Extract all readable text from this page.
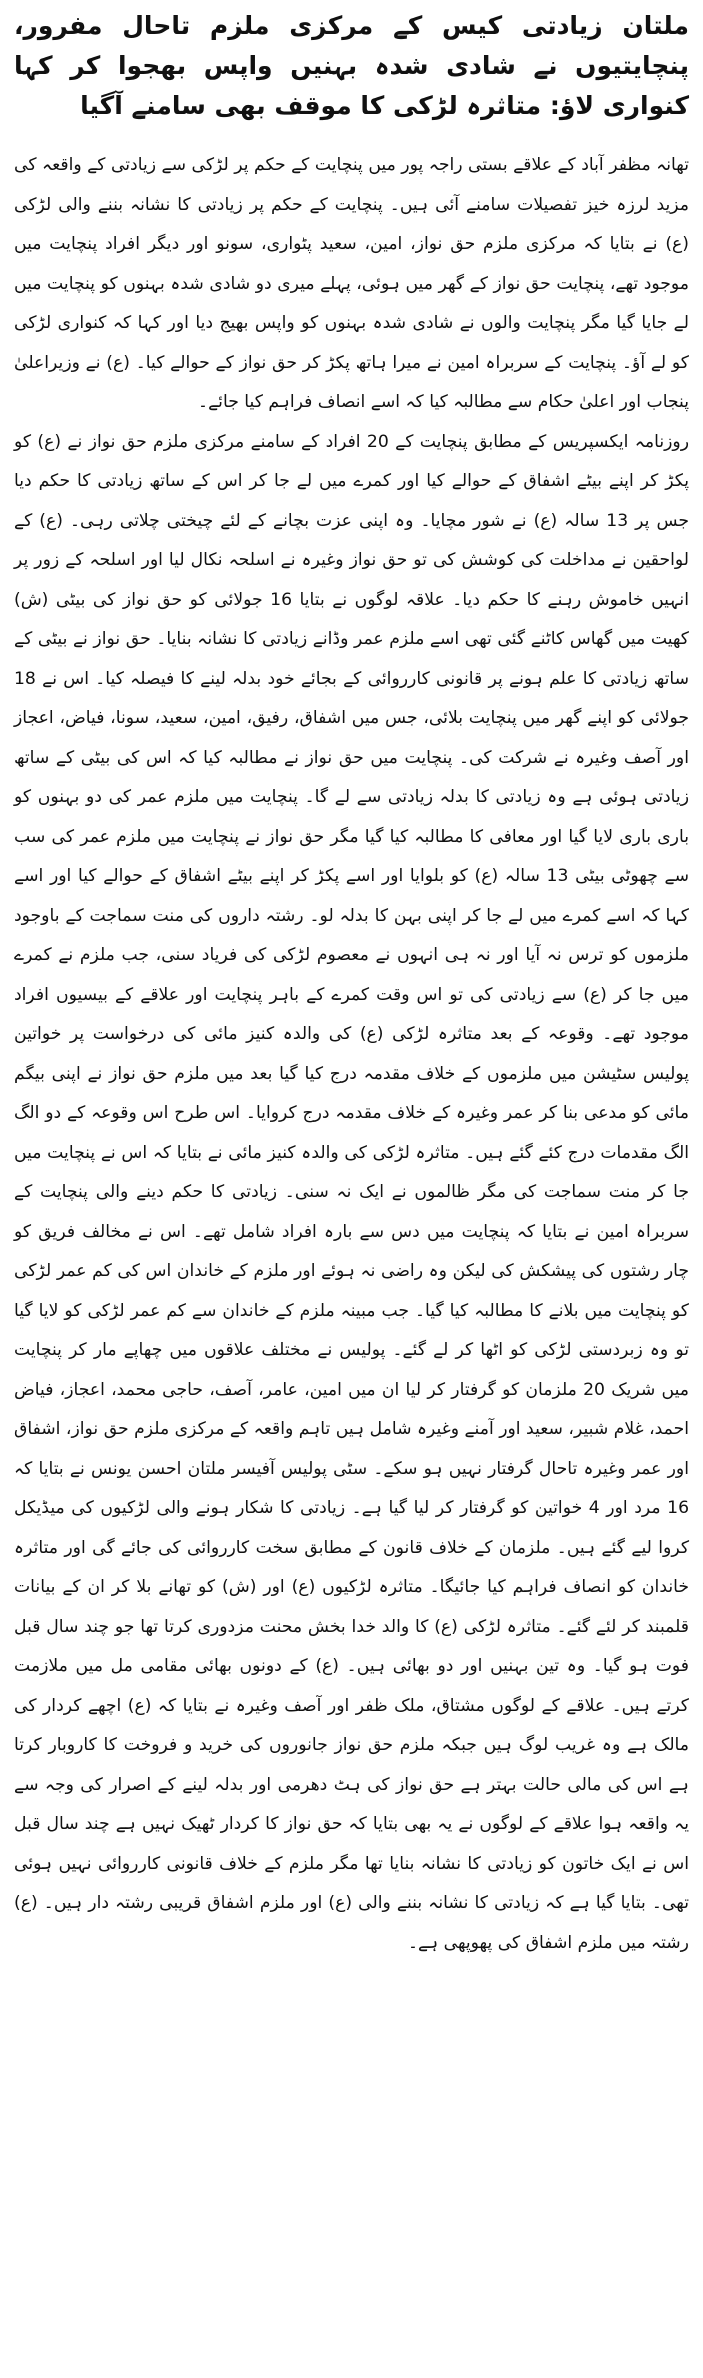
ملتان زیادتی کیس کے مرکزی ملزم تاحال مفرور، پنچایتیوں نے شادی شدہ بہنیں واپس بھجوا کر کہا کنواری لاؤ: متاثرہ لڑکی کا موقف بھی سامنے آگیا

تھانہ مظفر آباد کے علاقے بستی راجہ پور میں پنچایت کے حکم پر لڑکی سے زیادتی کے واقعہ کی مزید لرزہ خیز تفصیلات سامنے آئی ہیں۔ پنچایت کے حکم پر زیادتی کا نشانہ بننے والی لڑکی (ع) نے بتایا کہ مرکزی ملزم حق نواز، امین، سعید پٹواری، سونو اور دیگر افراد پنچایت میں موجود تھے، پنچایت حق نواز کے گھر میں ہوئی، پہلے میری دو شادی شدہ بہنوں کو پنچایت میں لے جایا گیا مگر پنچایت والوں نے شادی شدہ بہنوں کو واپس بھیج دیا اور کہا کہ کنواری لڑکی کو لے آؤ۔ پنچایت کے سربراہ امین نے میرا ہاتھ پکڑ کر حق نواز کے حوالے کیا۔ (ع) نے وزیراعلیٰ پنجاب اور اعلیٰ حکام سے مطالبہ کیا کہ اسے انصاف فراہم کیا جائے۔

روزنامہ ایکسپریس کے مطابق پنچایت کے 20 افراد کے سامنے مرکزی ملزم حق نواز نے (ع) کو پکڑ کر اپنے بیٹے اشفاق کے حوالے کیا اور کمرے میں لے جا کر اس کے ساتھ زیادتی کا حکم دیا جس پر 13 سالہ (ع) نے شور مچایا۔ وہ اپنی عزت بچانے کے لئے چیختی چلاتی رہی۔ (ع) کے لواحقین نے مداخلت کی کوشش کی تو حق نواز وغیرہ نے اسلحہ نکال لیا اور اسلحہ کے زور پر انہیں خاموش رہنے کا حکم دیا۔ علاقہ لوگوں نے بتایا 16 جولائی کو حق نواز کی بیٹی (ش) کھیت میں گھاس کاٹنے گئی تھی اسے ملزم عمر وڈانے زیادتی کا نشانہ بنایا۔ حق نواز نے بیٹی کے ساتھ زیادتی کا علم ہونے پر قانونی کارروائی کے بجائے خود بدلہ لینے کا فیصلہ کیا۔ اس نے 18 جولائی کو اپنے گھر میں پنچایت بلائی، جس میں اشفاق، رفیق، امین، سعید، سونا، فیاض، اعجاز اور آصف وغیرہ نے شرکت کی۔ پنچایت میں حق نواز نے مطالبہ کیا کہ اس کی بیٹی کے ساتھ زیادتی ہوئی ہے وہ زیادتی کا بدلہ زیادتی سے لے گا۔ پنچایت میں ملزم عمر کی دو بہنوں کو باری باری لایا گیا اور معافی کا مطالبہ کیا گیا مگر حق نواز نے پنچایت میں ملزم عمر کی سب سے چھوٹی بیٹی 13 سالہ (ع) کو بلوایا اور اسے پکڑ کر اپنے بیٹے اشفاق کے حوالے کیا اور اسے کہا کہ اسے کمرے میں لے جا کر اپنی بہن کا بدلہ لو۔ رشتہ داروں کی منت سماجت کے باوجود ملزموں کو ترس نہ آیا اور نہ ہی انہوں نے معصوم لڑکی کی فریاد سنی، جب ملزم نے کمرے میں جا کر (ع) سے زیادتی کی تو اس وقت کمرے کے باہر پنچایت اور علاقے کے بیسیوں افراد موجود تھے۔ وقوعہ کے بعد متاثرہ لڑکی (ع) کی والدہ کنیز مائی کی درخواست پر خواتین پولیس سٹیشن میں ملزموں کے خلاف مقدمہ درج کیا گیا بعد میں ملزم حق نواز نے اپنی بیگم مائی کو مدعی بنا کر عمر وغیرہ کے خلاف مقدمہ درج کروایا۔ اس طرح اس وقوعہ کے دو الگ الگ مقدمات درج کئے گئے ہیں۔ متاثرہ لڑکی کی والدہ کنیز مائی نے بتایا کہ اس نے پنچایت میں جا کر منت سماجت کی مگر ظالموں نے ایک نہ سنی۔ زیادتی کا حکم دینے والی پنچایت کے سربراہ امین نے بتایا کہ پنچایت میں دس سے بارہ افراد شامل تھے۔ اس نے مخالف فریق کو چار رشتوں کی پیشکش کی لیکن وہ راضی نہ ہوئے اور ملزم کے خاندان اس کی کم عمر لڑکی کو پنچایت میں بلانے کا مطالبہ کیا گیا۔ جب مبینہ ملزم کے خاندان سے کم عمر لڑکی کو لایا گیا تو وہ زبردستی لڑکی کو اٹھا کر لے گئے۔ پولیس نے مختلف علاقوں میں چھاپے مار کر پنچایت میں شریک 20 ملزمان کو گرفتار کر لیا ان میں امین، عامر، آصف، حاجی محمد، اعجاز، فیاض احمد، غلام شبیر، سعید اور آمنے وغیرہ شامل ہیں تاہم واقعہ کے مرکزی ملزم حق نواز، اشفاق اور عمر وغیرہ تاحال گرفتار نہیں ہو سکے۔ سٹی پولیس آفیسر ملتان احسن یونس نے بتایا کہ 16 مرد اور 4 خواتین کو گرفتار کر لیا گیا ہے۔ زیادتی کا شکار ہونے والی لڑکیوں کی میڈیکل کروا لیے گئے ہیں۔ ملزمان کے خلاف قانون کے مطابق سخت کارروائی کی جائے گی اور متاثرہ خاندان کو انصاف فراہم کیا جائیگا۔ متاثرہ لڑکیوں (ع) اور (ش) کو تھانے بلا کر ان کے بیانات قلمبند کر لئے گئے۔ متاثرہ لڑکی (ع) کا والد خدا بخش محنت مزدوری کرتا تھا جو چند سال قبل فوت ہو گیا۔ وہ تین بہنیں اور دو بھائی ہیں۔ (ع) کے دونوں بھائی مقامی مل میں ملازمت کرتے ہیں۔ علاقے کے لوگوں مشتاق، ملک ظفر اور آصف وغیرہ نے بتایا کہ (ع) اچھے کردار کی مالک ہے وہ غریب لوگ ہیں جبکہ ملزم حق نواز جانوروں کی خرید و فروخت کا کاروبار کرتا ہے اس کی مالی حالت بہتر ہے حق نواز کی ہٹ دھرمی اور بدلہ لینے کے اصرار کی وجہ سے یہ واقعہ ہوا علاقے کے لوگوں نے یہ بھی بتایا کہ حق نواز کا کردار ٹھیک نہیں ہے چند سال قبل اس نے ایک خاتون کو زیادتی کا نشانہ بنایا تھا مگر ملزم کے خلاف قانونی کارروائی نہیں ہوئی تھی۔ بتایا گیا ہے کہ زیادتی کا نشانہ بننے والی (ع) اور ملزم اشفاق قریبی رشتہ دار ہیں۔ (ع) رشتہ میں ملزم اشفاق کی پھوپھی ہے۔
